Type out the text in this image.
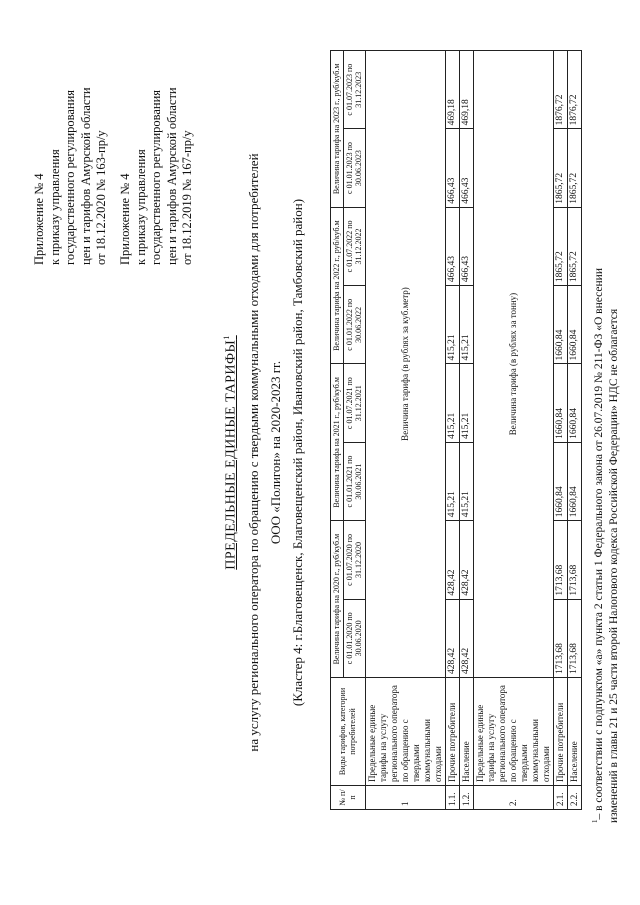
Приложение № 4 к приказу управления государственного регулирования цен и тарифов Амурской области от 18.12.2020 № 163-пр/у Приложение № 4 к приказу управления государственного регулирования цен и тарифов Амурской области от 18.12.2019 № 167-пр/у
ПРЕДЕЛЬНЫЕ ЕДИНЫЕ ТАРИФЫ$^1$	на услугу регионального оператора по обращению с твердыми коммунальными отходами для потребителей ООО «Полигон» на 2020-2023 гг. (Кластер 4: г.Благовещенск, Благовещенский район, Ивановский район, Тамбовский район)
№ п/п	Виды тарифов, категории потребителей	Величина тарифа на 2020 г., руб/куб.м		Величина тарифа на 2021 г., руб/куб.м		Величина тарифа на 2022 г., руб/куб.м		Величина тарифа на 2023 г., руб/куб.м	
		с 01.01.2020 по 30.06.2020	с 01.07.2020 по 31.12.2020	с 01.01.2021 по 30.06.2021	с 01.07.2021 по 31.12.2021	с 01.01.2022 по 30.06.2022	с 01.07.2022 по 31.12.2022	с 01.01.2023 по 30.06.2023	с 01.07.2023 по 31.12.2023
1	Предельные единые тарифы на услугу регионального оператора по обращению с твердыми коммунальными отходами	Величина тарифа (в рублях за куб.метр)							
1.1.	Прочие потребители	428,42	428,42	415,21	415,21	415,21	466,43	466,43	469,18
1.2.	Население	428,42	428,42	415,21	415,21	415,21	466,43	466,43	469,18
2.	Предельные единые тарифы на услугу регионального оператора по обращению с твердыми коммунальными отходами	Величина тарифа (в рублях за тонну)							
2.1.	Прочие потребители	1713,68	1713,68	1660,84	1660,84	1660,84	1865,72	1865,72	1876,72
2.2.	Население	1713,68	1713,68	1660,84	1660,84	1660,84	1865,72	1865,72	1876,72
$^1$– в соответствии с подпунктом «а» пункта 2 статьи 1 Федерального закона от 26.07.2019 № 211-ФЗ «О внесении изменений в главы 21 и 25 части второй Налогового кодекса Российской Федерации» НДС не облагается
